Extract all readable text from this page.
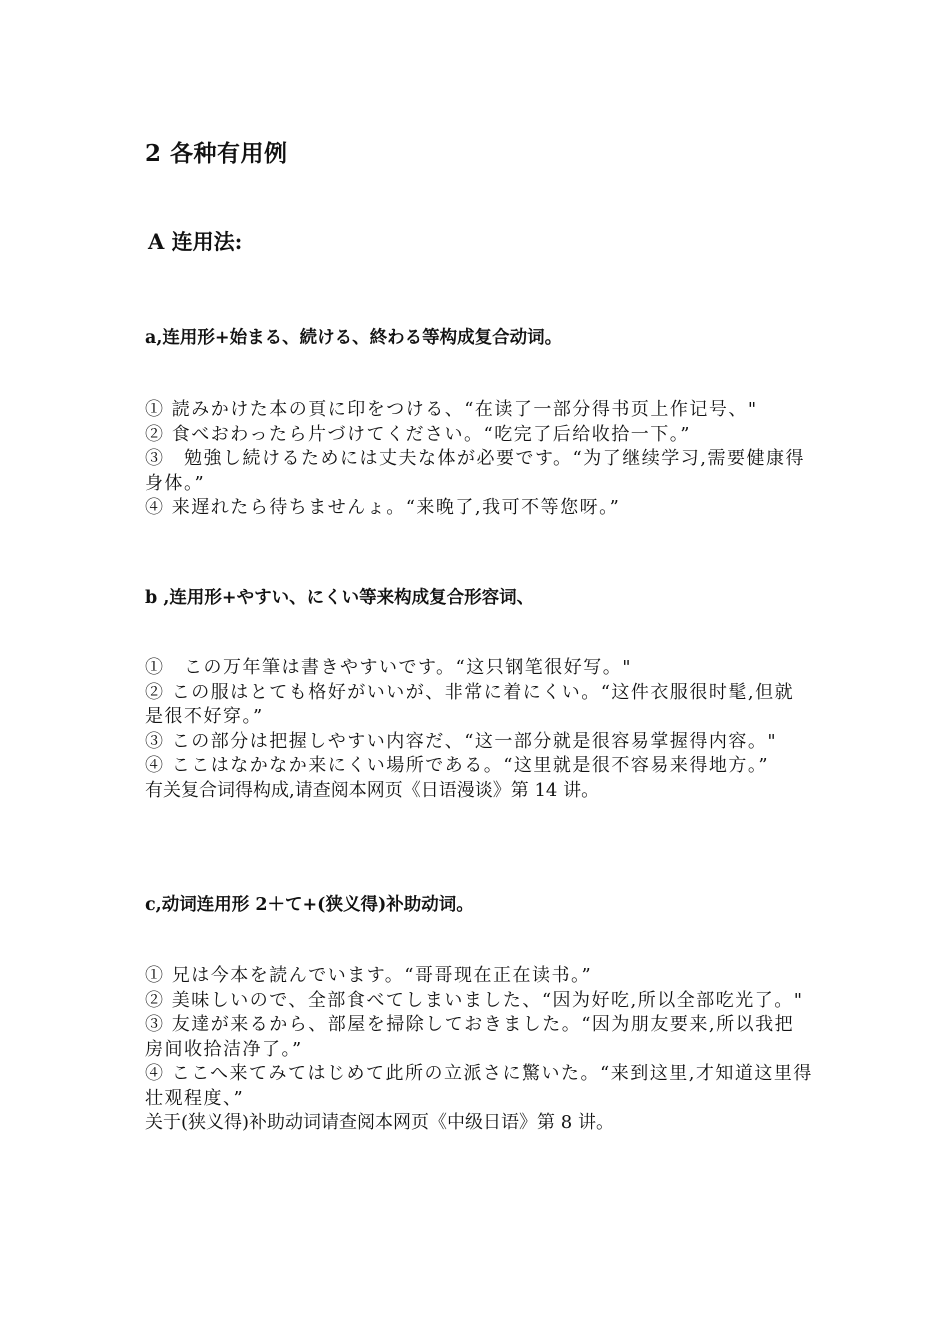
2 各种有用例
A 连用法:
a,连用形+始まる、続ける、終わる等构成复合动词。

① 読みかけた本の頁に印をつける、“在读了一部分得书页上作记号、"

② 食べおわったら片づけてください。“吃完了后给收拾一下。”

③　勉強し続けるためには丈夫な体が必要です。“为了继续学习,需要健康得身体。”

④ 来遅れたら待ちませんょ。“来晚了,我可不等您呀。”

b ,连用形+やすい、にくい等来构成复合形容词、

①　この万年筆は書きやすいです。“这只钢笔很好写。"

② この服はとても格好がいいが、非常に着にくい。“这件衣服很时髦,但就是很不好穿。”

③ この部分は把握しやすい内容だ、“这一部分就是很容易掌握得内容。"

④ ここはなかなか来にくい場所である。“这里就是很不容易来得地方。”

有关复合词得构成,请查阅本网页《日语漫谈》第 14 讲。

c,动词连用形 2＋て+(狭义得)补助动词。

① 兄は今本を読んでいます。“哥哥现在正在读书。”

② 美味しいので、全部食べてしまいました、“因为好吃,所以全部吃光了。"

③ 友達が来るから、部屋を掃除しておきました。“因为朋友要来,所以我把房间收拾洁净了。”

④ ここへ来てみてはじめて此所の立派さに驚いた。“来到这里,才知道这里得壮观程度、”

关于(狭义得)补助动词请查阅本网页《中级日语》第 8 讲。
